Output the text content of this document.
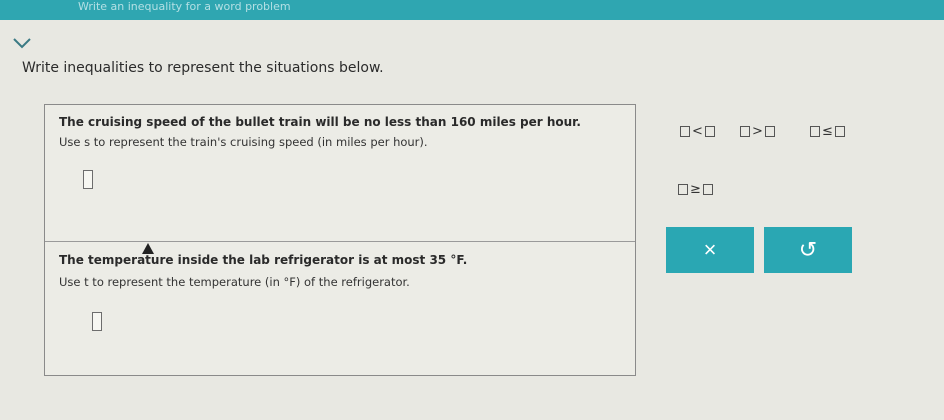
Write an inequality for a word problem
Write inequalities to represent the situations below.
The cruising speed of the bullet train will be no less than 160 miles per hour.
Use s to represent the train's cruising speed (in miles per hour).
The temperature inside the lab refrigerator is at most 35 °F.
Use t to represent the temperature (in °F) of the refrigerator.
<	>	≤
≥
×	↺
